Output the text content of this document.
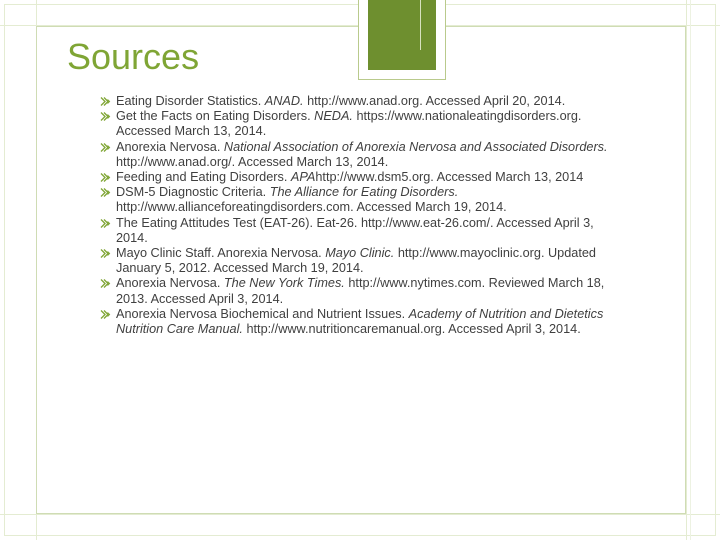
Sources
Eating Disorder Statistics. ANAD. http://www.anad.org. Accessed April 20, 2014.
Get the Facts on Eating Disorders. NEDA. https://www.nationaleatingdisorders.org. Accessed March 13, 2014.
Anorexia Nervosa. National Association of Anorexia Nervosa and Associated Disorders. http://www.anad.org/. Accessed March 13, 2014.
Feeding and Eating Disorders. APAhttp://www.dsm5.org. Accessed March 13, 2014
DSM-5 Diagnostic Criteria. The Alliance for Eating Disorders. http://www.allianceforeatingdisorders.com. Accessed March 19, 2014.
The Eating Attitudes Test (EAT-26). Eat-26. http://www.eat-26.com/. Accessed April 3, 2014.
Mayo Clinic Staff. Anorexia Nervosa. Mayo Clinic. http://www.mayoclinic.org. Updated January 5, 2012. Accessed March 19, 2014.
Anorexia Nervosa. The New York Times. http://www.nytimes.com. Reviewed March 18, 2013. Accessed April 3, 2014.
Anorexia Nervosa Biochemical and Nutrient Issues. Academy of Nutrition and Dietetics Nutrition Care Manual. http://www.nutritioncaremanual.org. Accessed April 3, 2014.
